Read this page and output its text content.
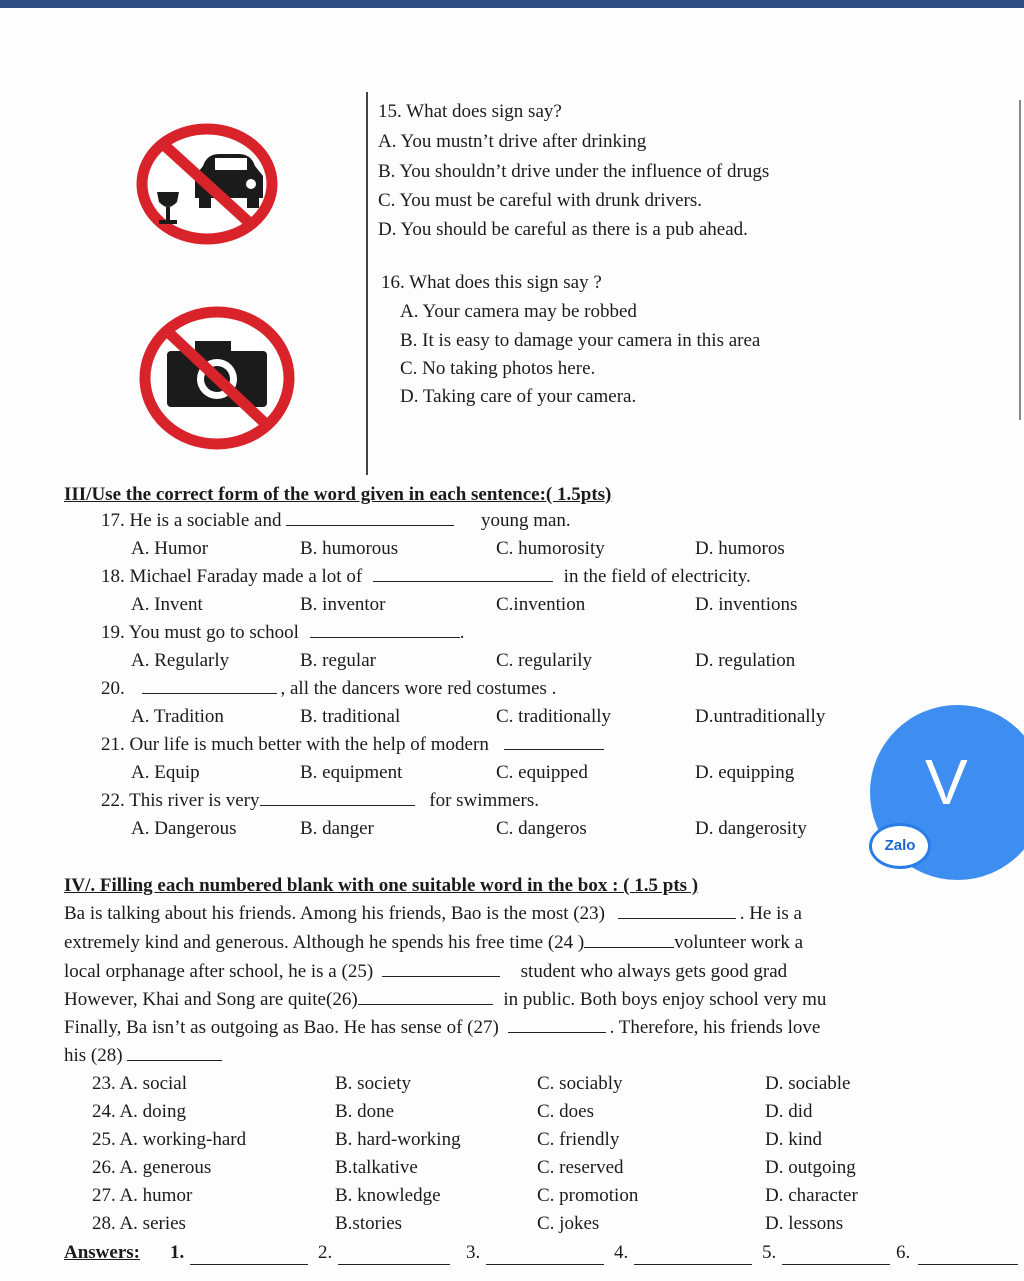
15. What does sign say?
A. You mustn’t drive after drinking
B. You shouldn’t drive under the influence of drugs
C. You must be careful with drunk drivers.
D. You should be careful as there is a pub ahead.
16. What does this sign say ?
A. Your camera may be robbed
B. It is easy to damage your camera in this area
C. No taking photos here.
D. Taking care of your camera.
III/Use the correct form of the word given in each sentence:( 1.5pts)
17. He is a sociable and	young man.
A. Humor	B. humorous	C. humorosity	D. humoros
18. Michael Faraday made a lot of	in the field of electricity.
A. Invent	B. inventor	C.invention	D. inventions
19. You must go to school	.
A. Regularly	B. regular	C. regularily	D. regulation
20.	, all the dancers wore red costumes .
A. Tradition	B. traditional	C. traditionally	D.untraditionally
21. Our life is much better with the help of modern
A. Equip	B. equipment	C. equipped	D. equipping
22. This river is very	for swimmers.
A. Dangerous	B. danger	C. dangeros	D. dangerosity
V
Zalo
IV/. Filling each numbered blank with one suitable word in the box : ( 1.5 pts )
Ba is talking about his friends. Among his friends, Bao is the most (23)	. He is a
extremely kind and generous. Although he spends his free time (24 )	volunteer work a
local orphanage after school, he is a (25)	student who always gets good grad
However, Khai and Song are quite(26)	in public. Both boys enjoy school very mu
Finally, Ba isn’t as outgoing as Bao. He has sense of (27)	. Therefore, his friends love
his (28)
23. A. social	B. society	C. sociably	D. sociable
24. A. doing	B. done	C. does	D. did
25. A. working-hard	B. hard-working	C. friendly	D. kind
26. A. generous	B.talkative	C. reserved	D. outgoing
27. A. humor	B. knowledge	C. promotion	D. character
28. A. series	B.stories	C. jokes	D. lessons
Answers: 1.	2.	3.	4.	5.	6.
